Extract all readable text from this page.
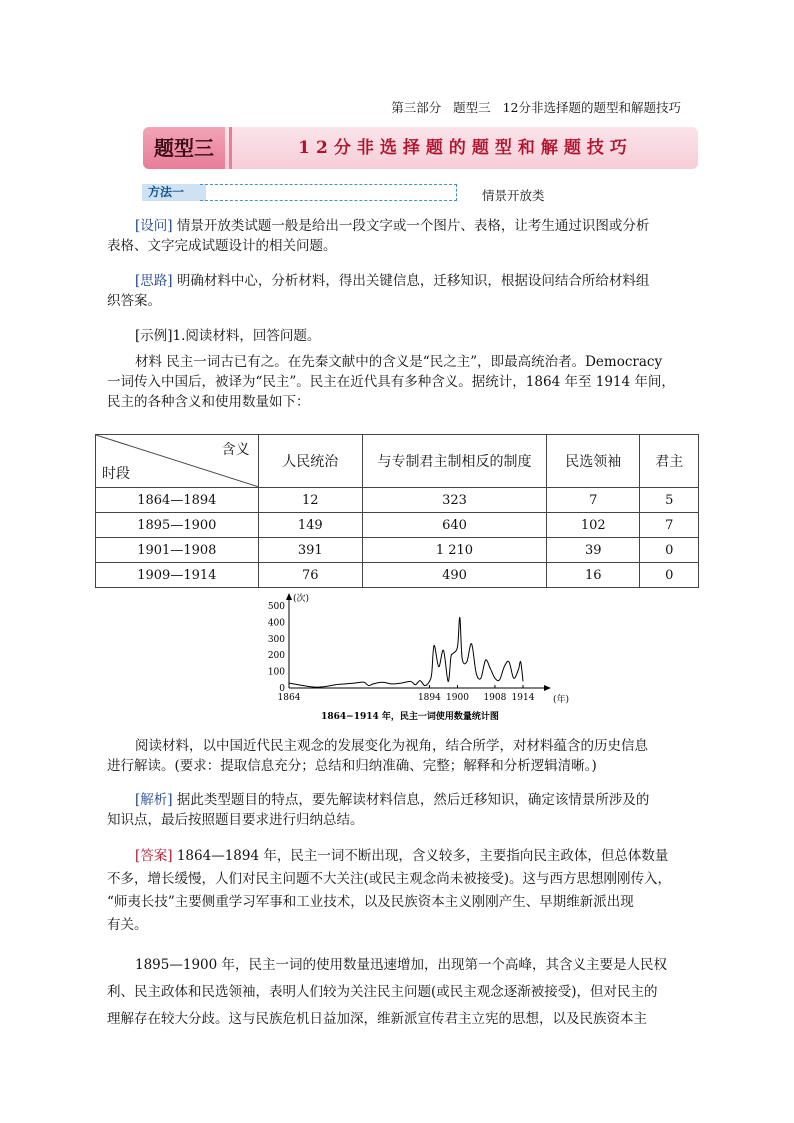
第三部分   题型三   12分非选择题的题型和解题技巧
题型三	12分非选择题的题型和解题技巧
方法一	情景开放类

[设问] 情景开放类试题一般是给出一段文字或一个图片、表格，让考生通过识图或分析
表格、文字完成试题设计的相关问题。

[思路] 明确材料中心，分析材料，得出关键信息，迁移知识，根据设问结合所给材料组
织答案。

[示例]1.阅读材料，回答问题。

材料 民主一词古已有之。在先秦文献中的含义是“民之主”，即最高统治者。Democracy
一词传入中国后，被译为“民主”。民主在近代具有多种含义。据统计，1864 年至 1914 年间，
民主的各种含义和使用数量如下：

含义
时段	人民统治	与专制君主制相反的制度	民选领袖	君主
1864—1894	12	323	7	5
1895—1900	149	640	102	7
1901—1908	391	1 210	39	0
1909—1914	76	490	16	0
500
400
300
200
100
0
1864	1894 1900 1908 1914
(次)
(年)
1864−1914 年，民主一词使用数量统计图

阅读材料，以中国近代民主观念的发展变化为视角，结合所学，对材料蕴含的历史信息
进行解读。(要求：提取信息充分；总结和归纳准确、完整；解释和分析逻辑清晰。)

[解析] 据此类型题目的特点，要先解读材料信息，然后迁移知识，确定该情景所涉及的
知识点，最后按照题目要求进行归纳总结。

[答案] 1864—1894 年，民主一词不断出现，含义较多，主要指向民主政体，但总体数量
不多，增长缓慢，人们对民主问题不大关注(或民主观念尚未被接受)。这与西方思想刚刚传入，
“师夷长技”主要侧重学习军事和工业技术，以及民族资本主义刚刚产生、早期维新派出现
有关。

1895—1900 年，民主一词的使用数量迅速增加，出现第一个高峰，其含义主要是人民权
利、民主政体和民选领袖，表明人们较为关注民主问题(或民主观念逐渐被接受)，但对民主的
理解存在较大分歧。这与民族危机日益加深，维新派宣传君主立宪的思想，以及民族资本主
